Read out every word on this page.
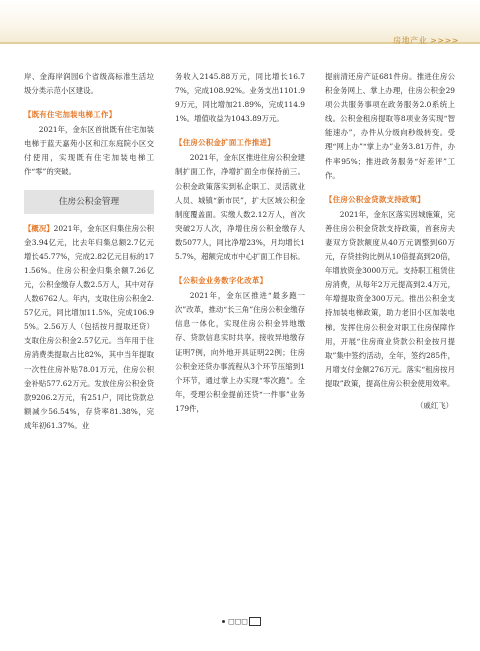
房地产业 >>>>

岸、金海岸润园6个省级高标准生活垃圾分类示范小区建设。

【既有住宅加装电梯工作】

2021年，金东区首批既有住宅加装电梯于蓝天嘉苑小区和江东庭院小区交付使用，实现既有住宅加装电梯工作“零”的突破。

住房公积金管理

【概况】2021年，金东区归集住房公积金3.94亿元，比去年归集总额2.7亿元增长45.77%，完成2.82亿元目标的171.56%。住房公积金归集余额7.26亿元，公积金缴存人数2.5万人，其中对存人数6762人。年内，支取住房公积金2.57亿元，同比增加11.5%，完成106.95%。2.56万人（包括按月提取还贷）支取住房公积金2.57亿元。当年用于住房消费类提取占比82%，其中当年提取一次性住房补贴78.01万元，住房公积金补贴577.62万元。发放住房公积金贷款9206.2万元，有251户，同比贷款总额减少56.54%，存贷率81.38%，完成年初61.37%。业

务收入2145.88万元，同比增长16.77%，完成108.92%。业务支出1101.99万元，同比增加21.89%，完成114.91%。增值收益为1043.89万元。

【住房公积金扩面工作推进】

2021年，金东区推进住房公积金建制扩面工作，净增扩面全市保持前三。公积金政策落实到私企职工、灵活就业人员、城镇“新市民”，扩大区域公积金制度覆盖面。实缴人数2.12万人，首次突破2万人次，净增住房公积金缴存人数5077人，同比净增23%，月均增长15.7%，超额完成市中心扩面工作目标。

【公积金业务数字化改革】

2021年，金东区推进“最多跑一次”改革，推动“长三角”住房公积金缴存信息一体化，实现住房公积金异地缴存、贷款信息实时共享。接收异地缴存证明7例，向外地开具证明22例；住房公积金还贷办事流程从3个环节压缩到1个环节，通过掌上办实现“零次跑”。全年，受理公积金提前还贷“一件事”业务179件，

提前清还房产证681件房。推进住房公积金务网上、掌上办理，住房公积金29项公共服务事项在政务服务2.0系统上线。公积金租房提取等8项业务实现“智能速办”，办件从分级向秒级转变。受理“网上办”“掌上办”业务3.81万件，办件率95%；推进政务服务“好差评”工作。

【住房公积金贷款支持政策】

2021年，金东区落实因城施策，完善住房公积金贷款支持政策，首套房夫妻双方贷款额度从40万元调整到60万元，存贷挂钩比例从10倍提高到20倍，年增放资金3000万元。支持职工租赁住房消费，从每年2万元提高到2.4万元，年增提取资金300万元。推出公积金支持加装电梯政策，助力老旧小区加装电梯。发挥住房公积金对职工住房保障作用，开展“住房商业贷款公积金按月提取”集中签约活动，全年，签约285件，月增支付金额276万元。落实“租房按月提取”政策，提高住房公积金使用效率。

（戚红飞）
□□□
